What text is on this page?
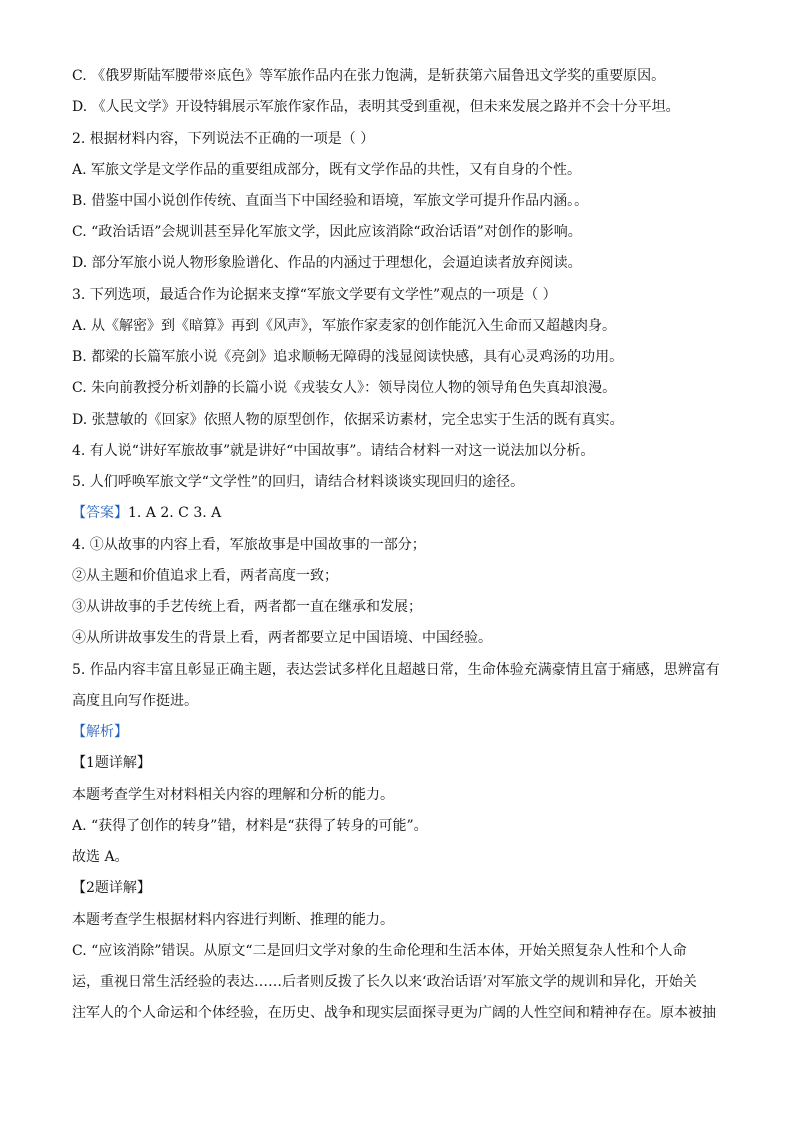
C. 《俄罗斯陆军腰带※底色》等军旅作品内在张力饱满，是斩获第六届鲁迅文学奖的重要原因。
D. 《人民文学》开设特辑展示军旅作家作品，表明其受到重视，但未来发展之路并不会十分平坦。
2. 根据材料内容，下列说法不正确的一项是（ ）
A. 军旅文学是文学作品的重要组成部分，既有文学作品的共性，又有自身的个性。
B. 借鉴中国小说创作传统、直面当下中国经验和语境，军旅文学可提升作品内涵。。
C. “政治话语”会规训甚至异化军旅文学，因此应该消除“政治话语”对创作的影响。
D. 部分军旅小说人物形象脸谱化、作品的内涵过于理想化，会逼迫读者放弃阅读。
3. 下列选项，最适合作为论据来支撑“军旅文学要有文学性”观点的一项是（ ）
A. 从《解密》到《暗算》再到《风声》，军旅作家麦家的创作能沉入生命而又超越肉身。
B. 都梁的长篇军旅小说《亮剑》追求顺畅无障碍的浅显阅读快感，具有心灵鸡汤的功用。
C. 朱向前教授分析刘静的长篇小说《戎装女人》：领导岗位人物的领导角色失真却浪漫。
D. 张慧敏的《回家》依照人物的原型创作，依据采访素材，完全忠实于生活的既有真实。
4. 有人说“讲好军旅故事”就是讲好“中国故事”。请结合材料一对这一说法加以分析。
5. 人们呼唤军旅文学“文学性”的回归，请结合材料谈谈实现回归的途径。
【答案】1. A 2. C 3. A
4. ①从故事的内容上看，军旅故事是中国故事的一部分；
②从主题和价值追求上看，两者高度一致；
③从讲故事的手艺传统上看，两者都一直在继承和发展；
④从所讲故事发生的背景上看，两者都要立足中国语境、中国经验。
5. 作品内容丰富且彰显正确主题，表达尝试多样化且超越日常，生命体验充满豪情且富于痛感，思辨富有
高度且向写作挺进。
【解析】
【1题详解】
本题考查学生对材料相关内容的理解和分析的能力。
A. “获得了创作的转身”错，材料是“获得了转身的可能”。
故选 A。
【2题详解】
本题考查学生根据材料内容进行判断、推理的能力。
C. “应该消除”错误。从原文“二是回归文学对象的生命伦理和生活本体，开始关照复杂人性和个人命
运，重视日常生活经验的表达……后者则反拨了长久以来‘政治话语’对军旅文学的规训和异化，开始关
注军人的个人命运和个体经验，在历史、战争和现实层面探寻更为广阔的人性空间和精神存在。原本被抽
